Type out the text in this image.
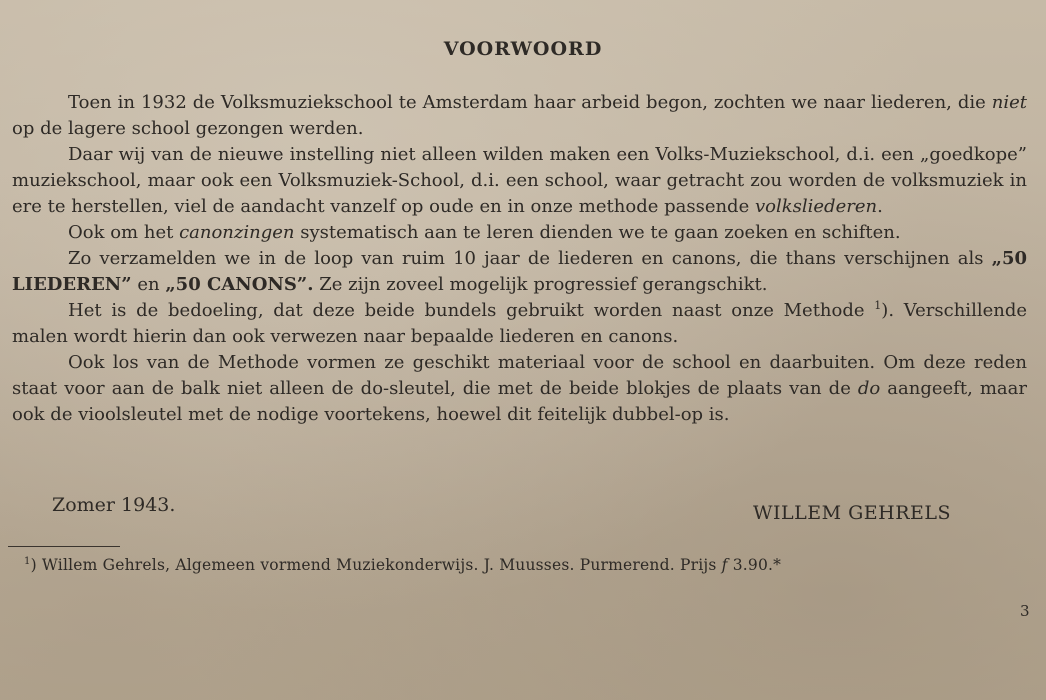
VOORWOORD

Toen in 1932 de Volksmuziekschool te Amsterdam haar arbeid begon, zochten we naar liederen, die niet op de lagere school gezongen werden.

Daar wij van de nieuwe instelling niet alleen wilden maken een Volks-Muziekschool, d.i. een „goedkope” muziekschool, maar ook een Volksmuziek-School, d.i. een school, waar getracht zou worden de volksmuziek in ere te herstellen, viel de aandacht vanzelf op oude en in onze methode passende volksliederen.

Ook om het canonzingen systematisch aan te leren dienden we te gaan zoeken en schiften.

Zo verzamelden we in de loop van ruim 10 jaar de liederen en canons, die thans verschijnen als „50 LIEDEREN” en „50 CANONS”. Ze zijn zoveel mogelijk progressief gerangschikt.

Het is de bedoeling, dat deze beide bundels gebruikt worden naast onze Methode $^1$). Verschillende malen wordt hierin dan ook verwezen naar bepaalde liederen en canons.

Ook los van de Methode vormen ze geschikt materiaal voor de school en daarbuiten. Om deze reden staat voor aan de balk niet alleen de do-sleutel, die met de beide blokjes de plaats van de do aangeeft, maar ook de vioolsleutel met de nodige voortekens, hoewel dit feitelijk dubbel-op is.

Zomer 1943.	WILLEM GEHRELS
$^1$) Willem Gehrels, Algemeen vormend Muziekonderwijs. J. Muusses. Purmerend. Prijs f 3.90.*
3
